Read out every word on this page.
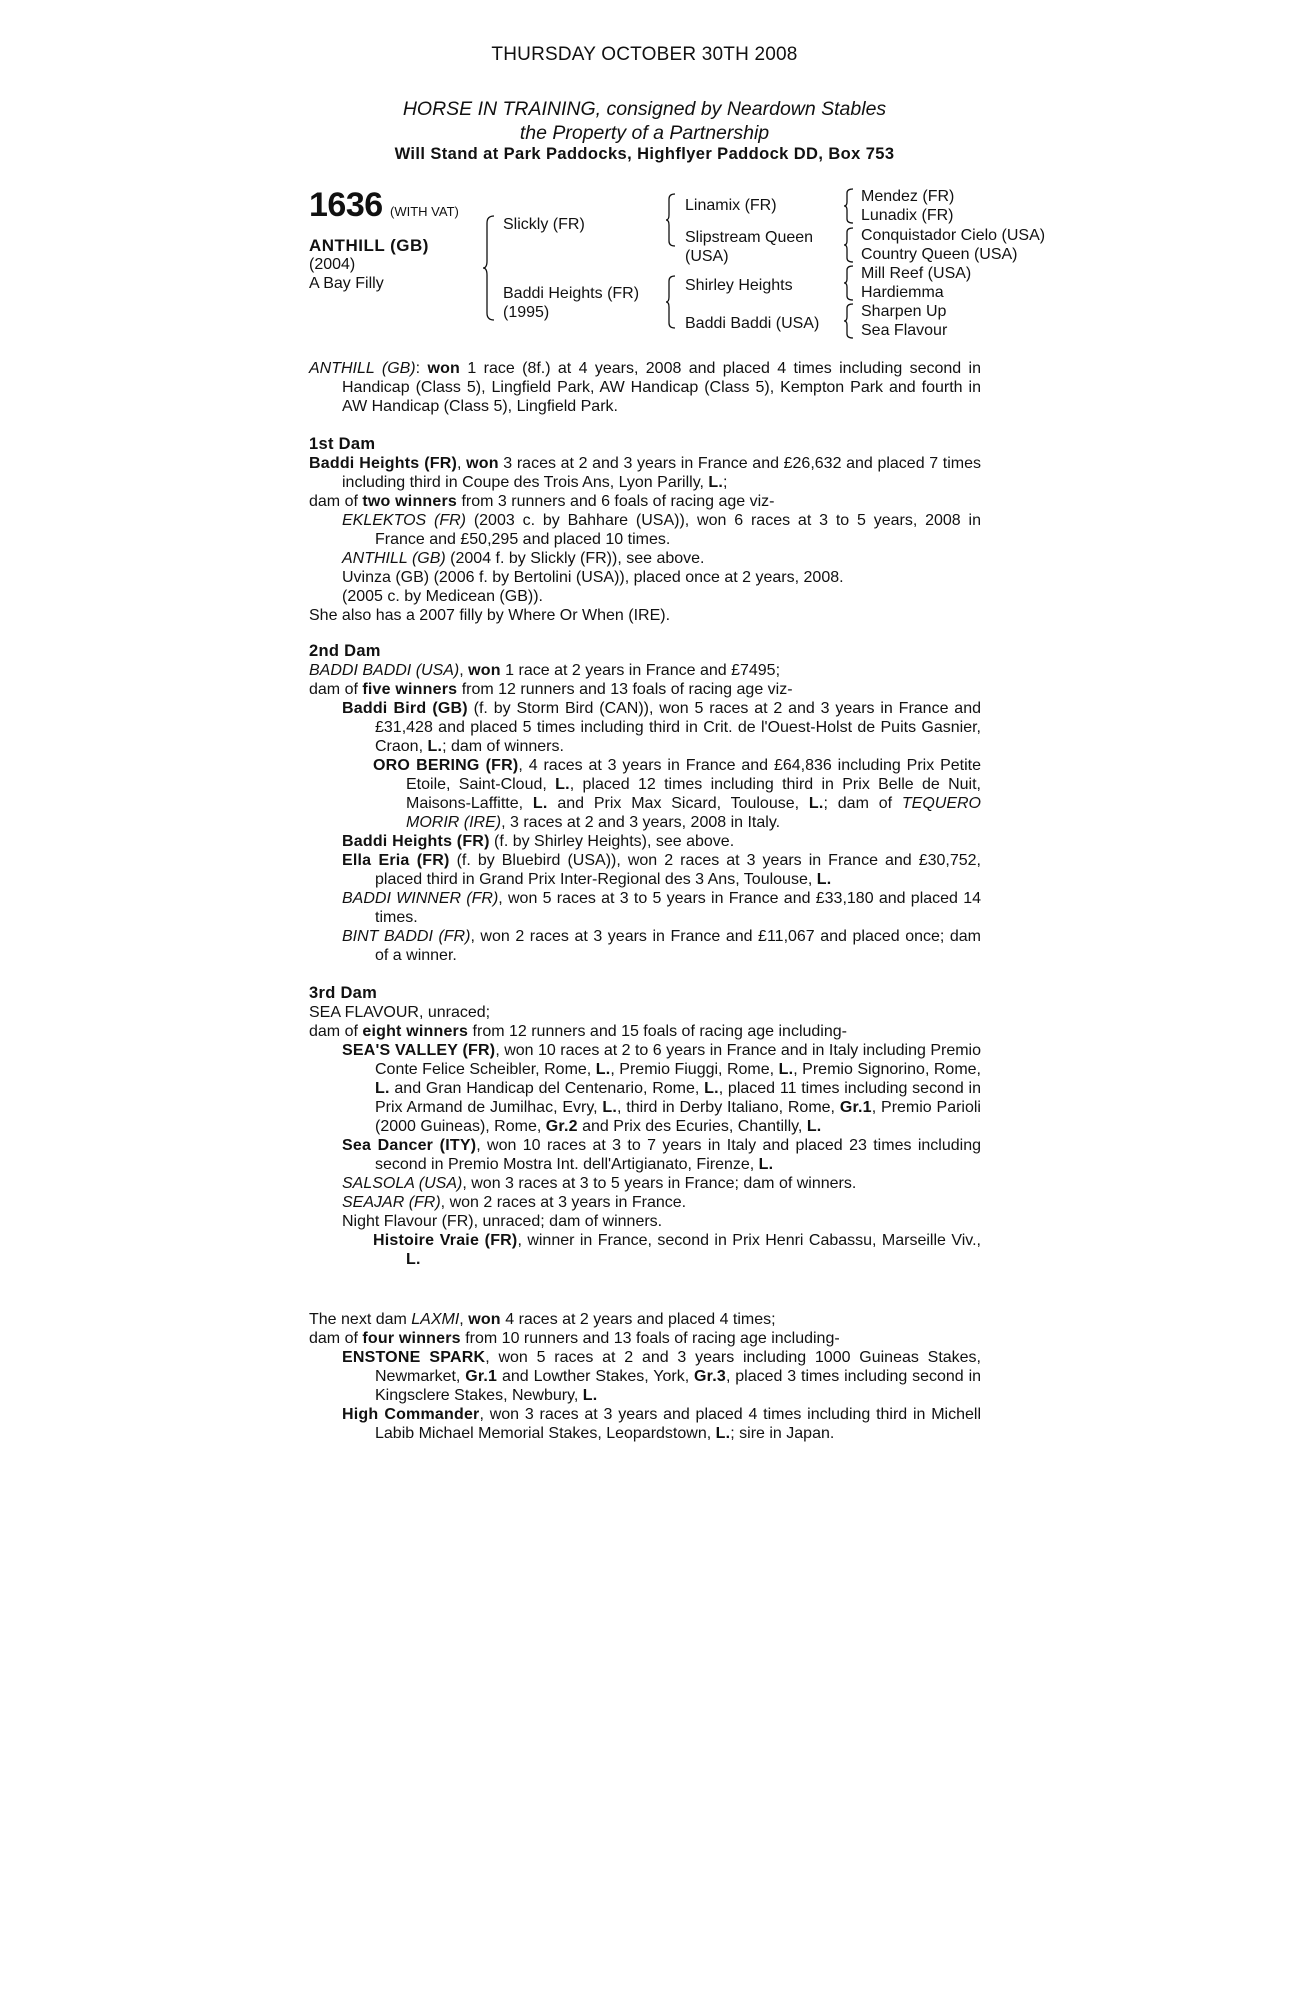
THURSDAY OCTOBER 30TH 2008
HORSE IN TRAINING, consigned by Neardown Stables
the Property of a Partnership
Will Stand at Park Paddocks, Highflyer Paddock DD, Box 753
1636 (WITH VAT)
ANTHILL (GB)
(2004)
A Bay Filly
Slickly (FR)
Baddi Heights (FR)
(1995)
Linamix (FR)
Slipstream Queen
(USA)
Shirley Heights
Baddi Baddi (USA)
Mendez (FR)
Lunadix (FR)
Conquistador Cielo (USA)
Country Queen (USA)
Mill Reef (USA)
Hardiemma
Sharpen Up
Sea Flavour

ANTHILL (GB): won 1 race (8f.) at 4 years, 2008 and placed 4 times including second in Handicap (Class 5), Lingfield Park, AW Handicap (Class 5), Kempton Park and fourth in AW Handicap (Class 5), Lingfield Park.

1st Dam

Baddi Heights (FR), won 3 races at 2 and 3 years in France and £26,632 and placed 7 times including third in Coupe des Trois Ans, Lyon Parilly, L.;

dam of two winners from 3 runners and 6 foals of racing age viz-

EKLEKTOS (FR) (2003 c. by Bahhare (USA)), won 6 races at 3 to 5 years, 2008 in France and £50,295 and placed 10 times.

ANTHILL (GB) (2004 f. by Slickly (FR)), see above.

Uvinza (GB) (2006 f. by Bertolini (USA)), placed once at 2 years, 2008.

(2005 c. by Medicean (GB)).

She also has a 2007 filly by Where Or When (IRE).

2nd Dam

BADDI BADDI (USA), won 1 race at 2 years in France and £7495;

dam of five winners from 12 runners and 13 foals of racing age viz-

Baddi Bird (GB) (f. by Storm Bird (CAN)), won 5 races at 2 and 3 years in France and £31,428 and placed 5 times including third in Crit. de l'Ouest-Holst de Puits Gasnier, Craon, L.; dam of winners.

ORO BERING (FR), 4 races at 3 years in France and £64,836 including Prix Petite Etoile, Saint-Cloud, L., placed 12 times including third in Prix Belle de Nuit, Maisons-Laffitte, L. and Prix Max Sicard, Toulouse, L.; dam of TEQUERO MORIR (IRE), 3 races at 2 and 3 years, 2008 in Italy.

Baddi Heights (FR) (f. by Shirley Heights), see above.

Ella Eria (FR) (f. by Bluebird (USA)), won 2 races at 3 years in France and £30,752, placed third in Grand Prix Inter-Regional des 3 Ans, Toulouse, L.

BADDI WINNER (FR), won 5 races at 3 to 5 years in France and £33,180 and placed 14 times.

BINT BADDI (FR), won 2 races at 3 years in France and £11,067 and placed once; dam of a winner.

3rd Dam

SEA FLAVOUR, unraced;

dam of eight winners from 12 runners and 15 foals of racing age including-

SEA'S VALLEY (FR), won 10 races at 2 to 6 years in France and in Italy including Premio Conte Felice Scheibler, Rome, L., Premio Fiuggi, Rome, L., Premio Signorino, Rome, L. and Gran Handicap del Centenario, Rome, L., placed 11 times including second in Prix Armand de Jumilhac, Evry, L., third in Derby Italiano, Rome, Gr.1, Premio Parioli (2000 Guineas), Rome, Gr.2 and Prix des Ecuries, Chantilly, L.

Sea Dancer (ITY), won 10 races at 3 to 7 years in Italy and placed 23 times including second in Premio Mostra Int. dell'Artigianato, Firenze, L.

SALSOLA (USA), won 3 races at 3 to 5 years in France; dam of winners.

SEAJAR (FR), won 2 races at 3 years in France.

Night Flavour (FR), unraced; dam of winners.

Histoire Vraie (FR), winner in France, second in Prix Henri Cabassu, Marseille Viv., L.

The next dam LAXMI, won 4 races at 2 years and placed 4 times;

dam of four winners from 10 runners and 13 foals of racing age including-

ENSTONE SPARK, won 5 races at 2 and 3 years including 1000 Guineas Stakes, Newmarket, Gr.1 and Lowther Stakes, York, Gr.3, placed 3 times including second in Kingsclere Stakes, Newbury, L.

High Commander, won 3 races at 3 years and placed 4 times including third in Michell Labib Michael Memorial Stakes, Leopardstown, L.; sire in Japan.
